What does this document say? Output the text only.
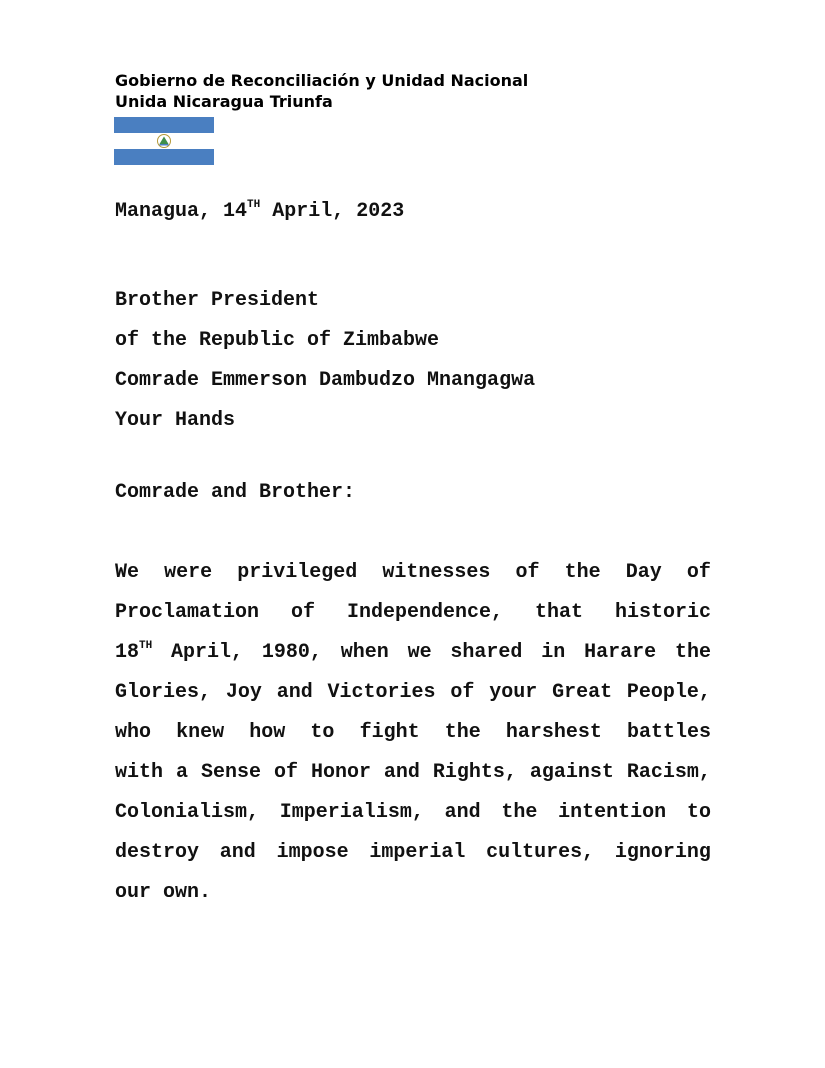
Gobierno de Reconciliación y Unidad Nacional
Unida Nicaragua Triunfa
Managua, 14TH April, 2023
Brother President
of the Republic of Zimbabwe
Comrade Emmerson Dambudzo Mnangagwa
Your Hands
Comrade and Brother:
We were privileged witnesses of the Day of
Proclamation of Independence, that historic
18TH April, 1980, when we shared in Harare the
Glories, Joy and Victories of your Great People,
who knew how to fight the harshest battles
with a Sense of Honor and Rights, against Racism,
Colonialism, Imperialism, and the intention to
destroy and impose imperial cultures, ignoring
our own.
